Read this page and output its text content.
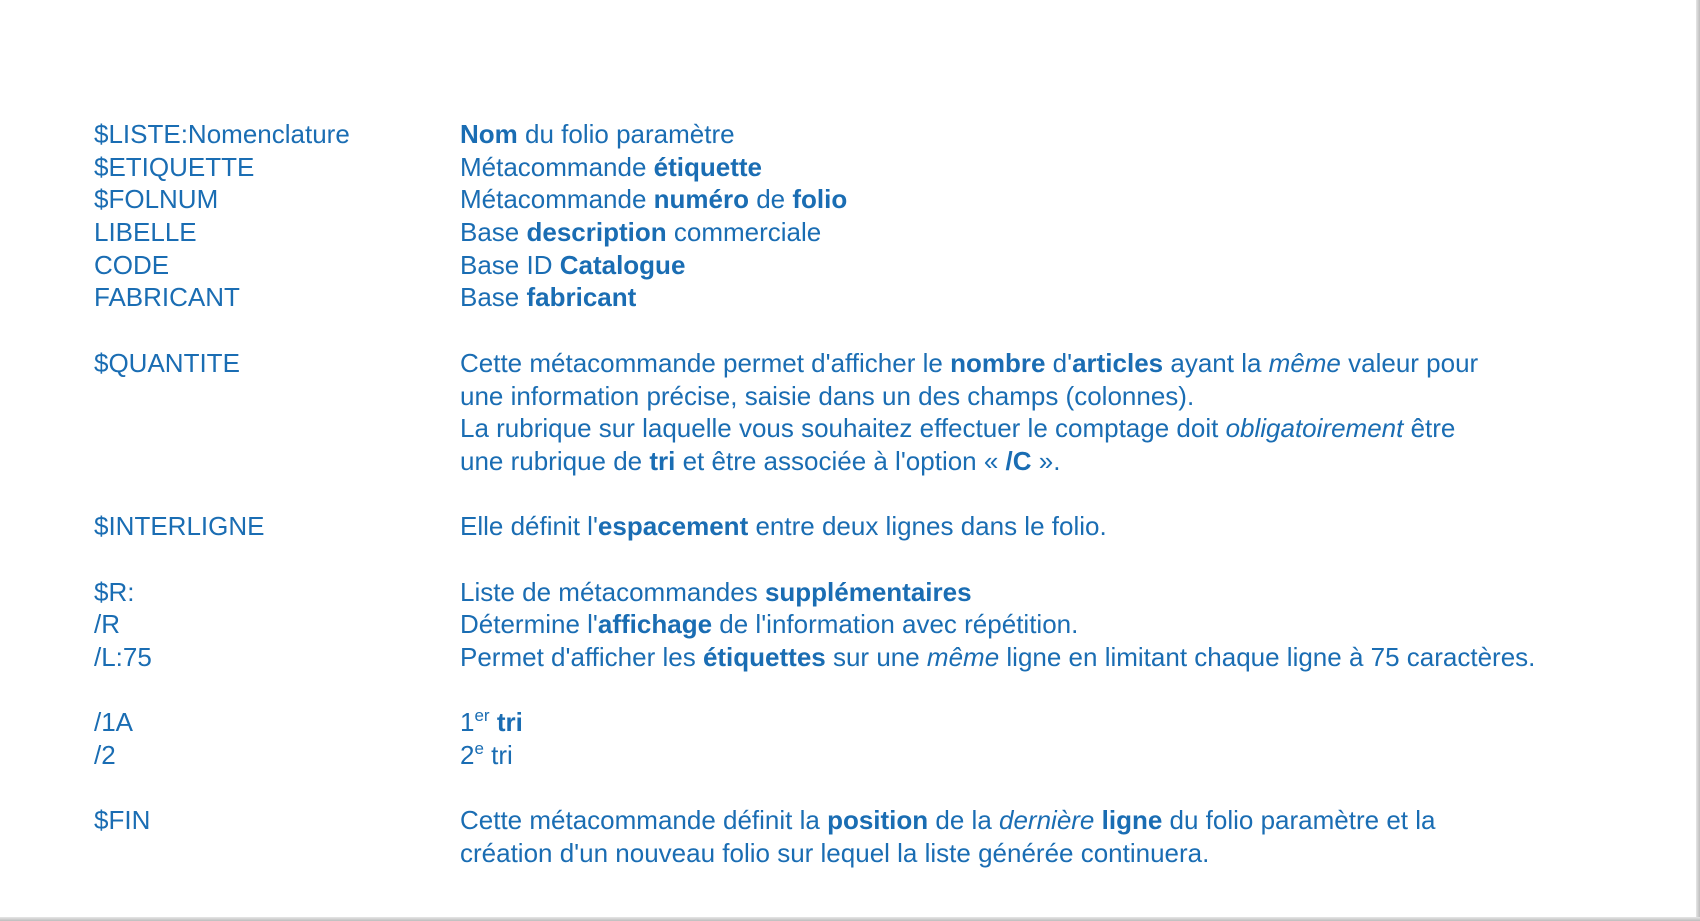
$LISTE:Nomenclature	Nom du folio paramètre
$ETIQUETTE	Métacommande étiquette
$FOLNUM	Métacommande numéro de folio
LIBELLE	Base description commerciale
CODE	Base ID Catalogue
FABRICANT	Base fabricant
$QUANTITE	Cette métacommande permet d'afficher le nombre d'articles ayant la même valeur pour
une information précise, saisie dans un des champs (colonnes).
La rubrique sur laquelle vous souhaitez effectuer le comptage doit obligatoirement être
une rubrique de tri et être associée à l'option « /C ».
$INTERLIGNE	Elle définit l'espacement entre deux lignes dans le folio.
$R:	Liste de métacommandes supplémentaires
/R	Détermine l'affichage de l'information avec répétition.
/L:75	Permet d'afficher les étiquettes sur une même ligne en limitant chaque ligne à 75 caractères.
/1A	1er tri
/2	2e tri
$FIN	Cette métacommande définit la position de la dernière ligne du folio paramètre et la
création d'un nouveau folio sur lequel la liste générée continuera.
